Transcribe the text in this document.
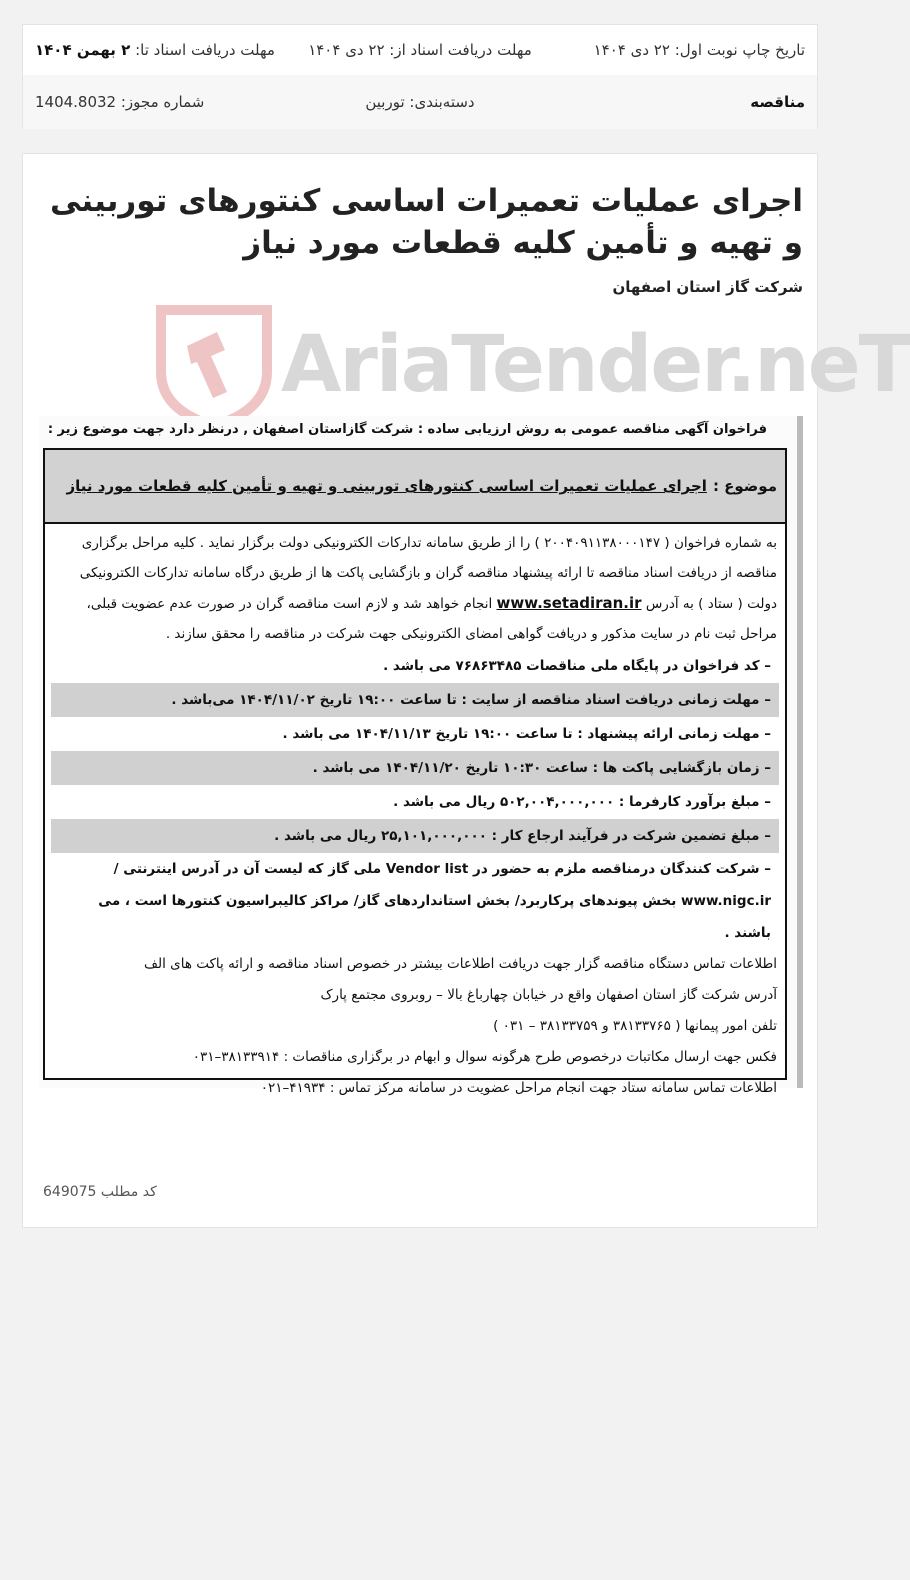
تاریخ چاپ نوبت اول: ۲۲ دی ۱۴۰۴
مهلت دریافت اسناد از: ۲۲ دی ۱۴۰۴
مهلت دریافت اسناد تا: ۲ بهمن ۱۴۰۴
مناقصه
دسته‌بندی: توربین
شماره مجوز: 1404.8032
اجرای عملیات تعمیرات اساسی کنتورهای توربینی و تهیه و تأمین کلیه قطعات مورد نیاز
شرکت گاز استان اصفهان
AriaTender.neT
فراخوان آگهی مناقصه عمومی به روش ارزیابی ساده : شرکت گازاستان اصفهان , درنظر دارد جهت موضوع زیر :
موضوع :
اجرای عملیات تعمیرات اساسی کنتورهای توربینی و تهیه و تأمین کلیه قطعات مورد نیاز
به شماره فراخوان ( ۲۰۰۴۰۹۱۱۳۸۰۰۰۱۴۷ ) را از طریق سامانه تدارکات الکترونیکی دولت برگزار نماید . کلیه مراحل برگزاری مناقصه از دریافت اسناد مناقصه تا ارائه پیشنهاد مناقصه گران و بازگشایی پاکت ها از طریق درگاه سامانه تدارکات الکترونیکی دولت ( ستاد ) به آدرس www.setadiran.ir انجام خواهد شد و لازم است مناقصه گران در صورت عدم عضویت قبلی، مراحل ثبت نام در سایت مذکور و دریافت گواهی امضای الکترونیکی جهت شرکت در مناقصه را محقق سازند .
– کد فراخوان در پایگاه ملی مناقصات ۷۶۸۶۳۴۸۵ می باشد .
– مهلت زمانی دریافت اسناد مناقصه از سایت : تا ساعت ۱۹:۰۰ تاریخ ۱۴۰۴/۱۱/۰۲ می‌باشد .
– مهلت زمانی ارائه پیشنهاد : تا ساعت ۱۹:۰۰ تاریخ ۱۴۰۴/۱۱/۱۳ می باشد .
– زمان بازگشایی پاکت ها : ساعت ۱۰:۳۰ تاریخ ۱۴۰۴/۱۱/۲۰ می باشد .
– مبلغ برآورد کارفرما : ۵۰۲,۰۰۴,۰۰۰,۰۰۰ ریال می باشد .
– مبلغ تضمین شرکت در فرآیند ارجاع کار : ۲۵,۱۰۱,۰۰۰,۰۰۰ ریال می باشد .
– شرکت کنندگان درمناقصه ملزم به حضور در Vendor list ملی گاز که لیست آن در آدرس اینترنتی / www.nigc.ir بخش پیوندهای پرکاربرد/ بخش استانداردهای گاز/ مراکز کالیبراسیون کنتورها است ، می باشند .
اطلاعات تماس دستگاه مناقصه گزار جهت دریافت اطلاعات بیشتر در خصوص اسناد مناقصه و ارائه پاکت های الف
آدرس شرکت گاز استان اصفهان واقع در خیابان چهارباغ بالا – روبروی مجتمع پارک
تلفن امور پیمانها ( ۳۸۱۳۳۷۶۵ و ۳۸۱۳۳۷۵۹ – ۰۳۱ )
فکس جهت ارسال مکاتبات درخصوص طرح هرگونه سوال و ابهام در برگزاری مناقصات : ۳۸۱۳۳۹۱۴–۰۳۱
اطلاعات تماس سامانه ستاد جهت انجام مراحل عضویت در سامانه مرکز تماس : ۴۱۹۳۴–۰۲۱
کد مطلب 649075
